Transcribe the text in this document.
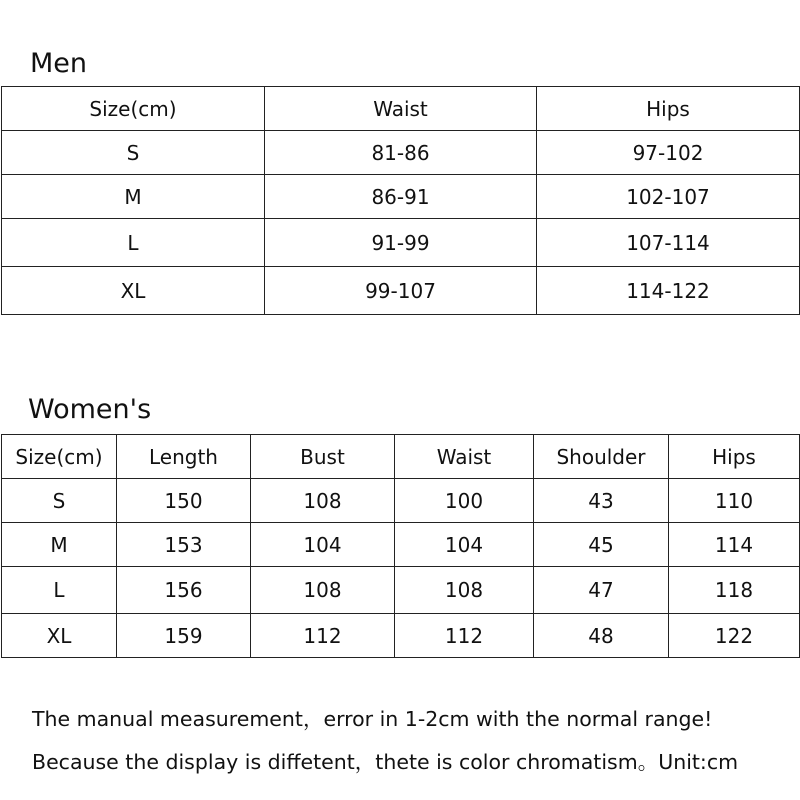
Men
Size(cm)	Waist	Hips
S	81-86	97-102
M	86-91	102-107
L	91-99	107-114
XL	99-107	114-122
Women's
Size(cm)	Length	Bust	Waist	Shoulder	Hips
S	150	108	100	43	110
M	153	104	104	45	114
L	156	108	108	47	118
XL	159	112	112	48	122

The manual measurement，error in 1-2cm with the normal range!

Because the display is diffetent，thete is color chromatism。Unit:cm
